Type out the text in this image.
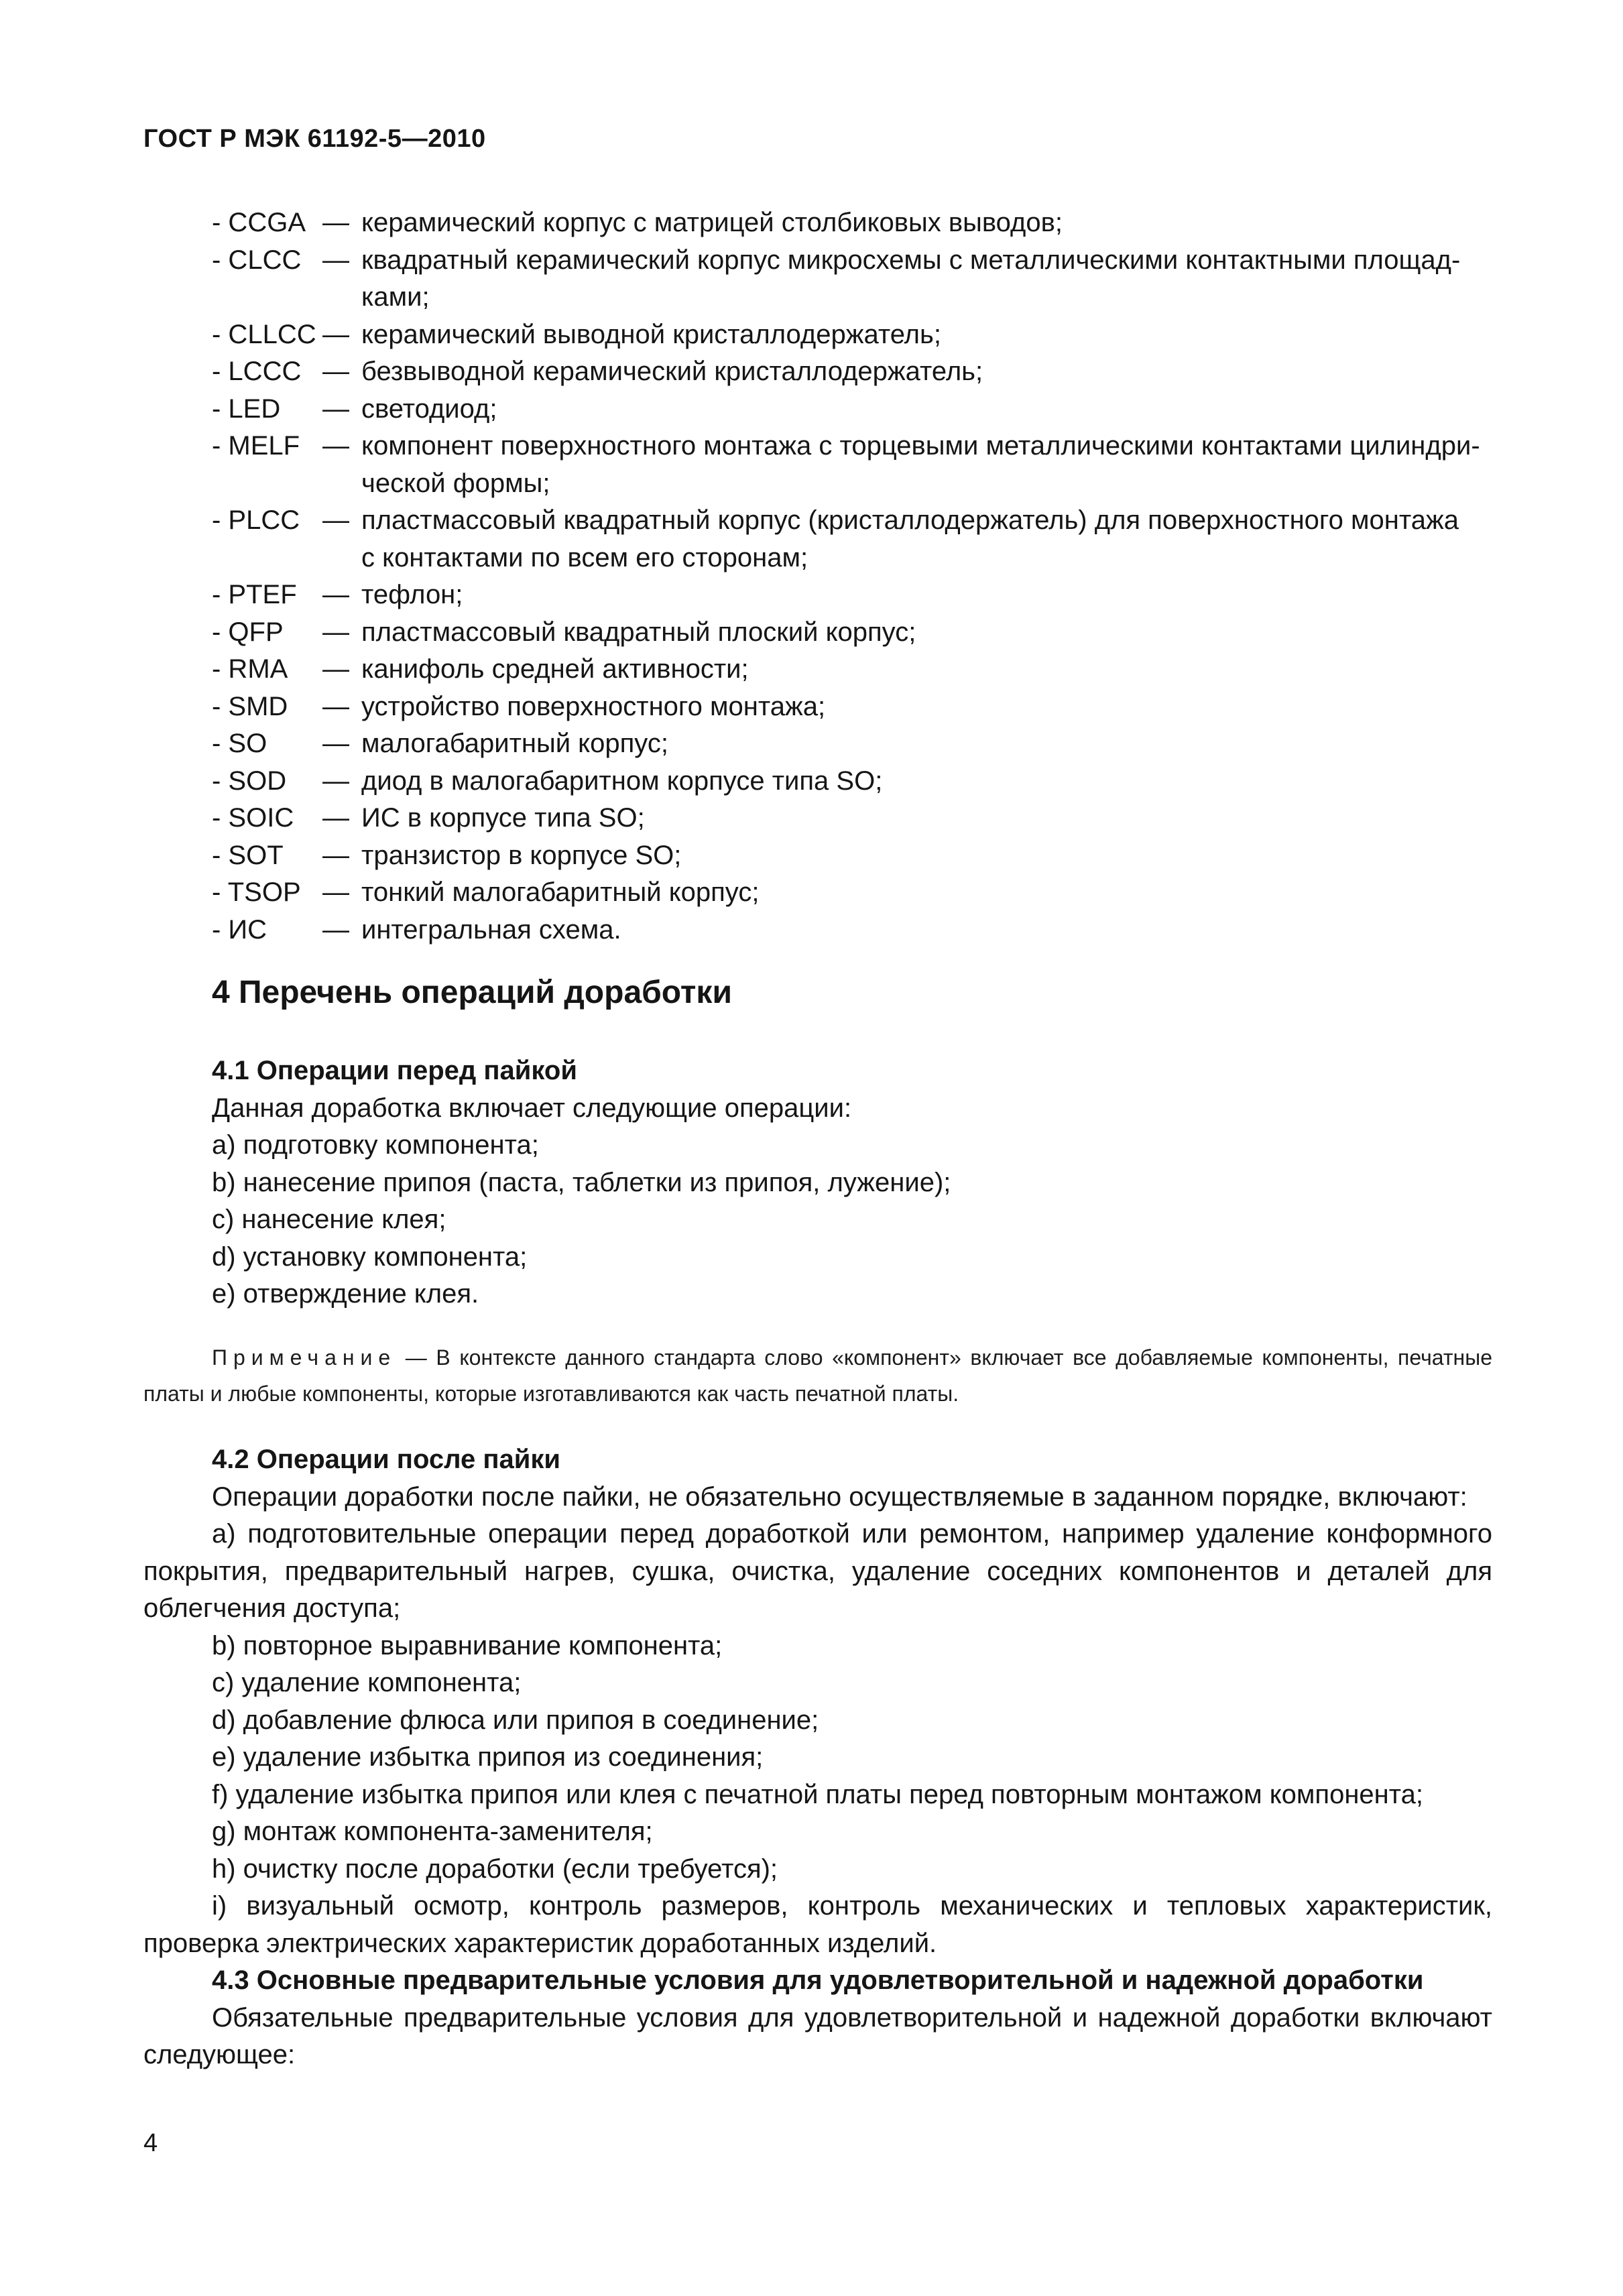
ГОСТ Р МЭК 61192-5—2010
- CCGA — керамический корпус с матрицей столбиковых выводов;
- CLCC — квадратный керамический корпус микросхемы с металлическими контактными площад-
ками;
- CLLCC — керамический выводной кристаллодержатель;
- LCCC — безвыводной керамический кристаллодержатель;
- LED	— светодиод;
- MELF — компонент поверхностного монтажа с торцевыми металлическими контактами цилиндри-
ческой формы;
- PLCC — пластмассовый квадратный корпус (кристаллодержатель) для поверхностного монтажа
с контактами по всем его сторонам;
- PTEF — тефлон;
- QFP	— пластмассовый квадратный плоский корпус;
- RMA	— канифоль средней активности;
- SMD	— устройство поверхностного монтажа;
- SO	— малогабаритный корпус;
- SOD	— диод в малогабаритном корпусе типа SO;
- SOIC	— ИС в корпусе типа SO;
- SOT	— транзистор в корпусе SO;
- TSOP — тонкий малогабаритный корпус;
- ИС	— интегральная схема.
4 Перечень операций доработки
4.1 Операции перед пайкой
Данная доработка включает следующие операции:
a) подготовку компонента;
b) нанесение припоя (паста, таблетки из припоя, лужение);
c) нанесение клея;
d) установку компонента;
e) отверждение клея.
Примечание — В контексте данного стандарта слово «компонент» включает все добавляемые компоненты, печатные платы и любые компоненты, которые изготавливаются как часть печатной платы.
4.2 Операции после пайки
Операции доработки после пайки, не обязательно осуществляемые в заданном порядке, включают:
a) подготовительные операции перед доработкой или ремонтом, например удаление конформного покрытия, предварительный нагрев, сушка, очистка, удаление соседних компонентов и деталей для облегчения доступа;
b) повторное выравнивание компонента;
c) удаление компонента;
d) добавление флюса или припоя в соединение;
e) удаление избытка припоя из соединения;
f) удаление избытка припоя или клея с печатной платы перед повторным монтажом компонента;
g) монтаж компонента-заменителя;
h) очистку после доработки (если требуется);
i) визуальный осмотр, контроль размеров, контроль механических и тепловых характеристик, проверка электрических характеристик доработанных изделий.
4.3 Основные предварительные условия для удовлетворительной и надежной доработки
Обязательные предварительные условия для удовлетворительной и надежной доработки включают следующее:
4
